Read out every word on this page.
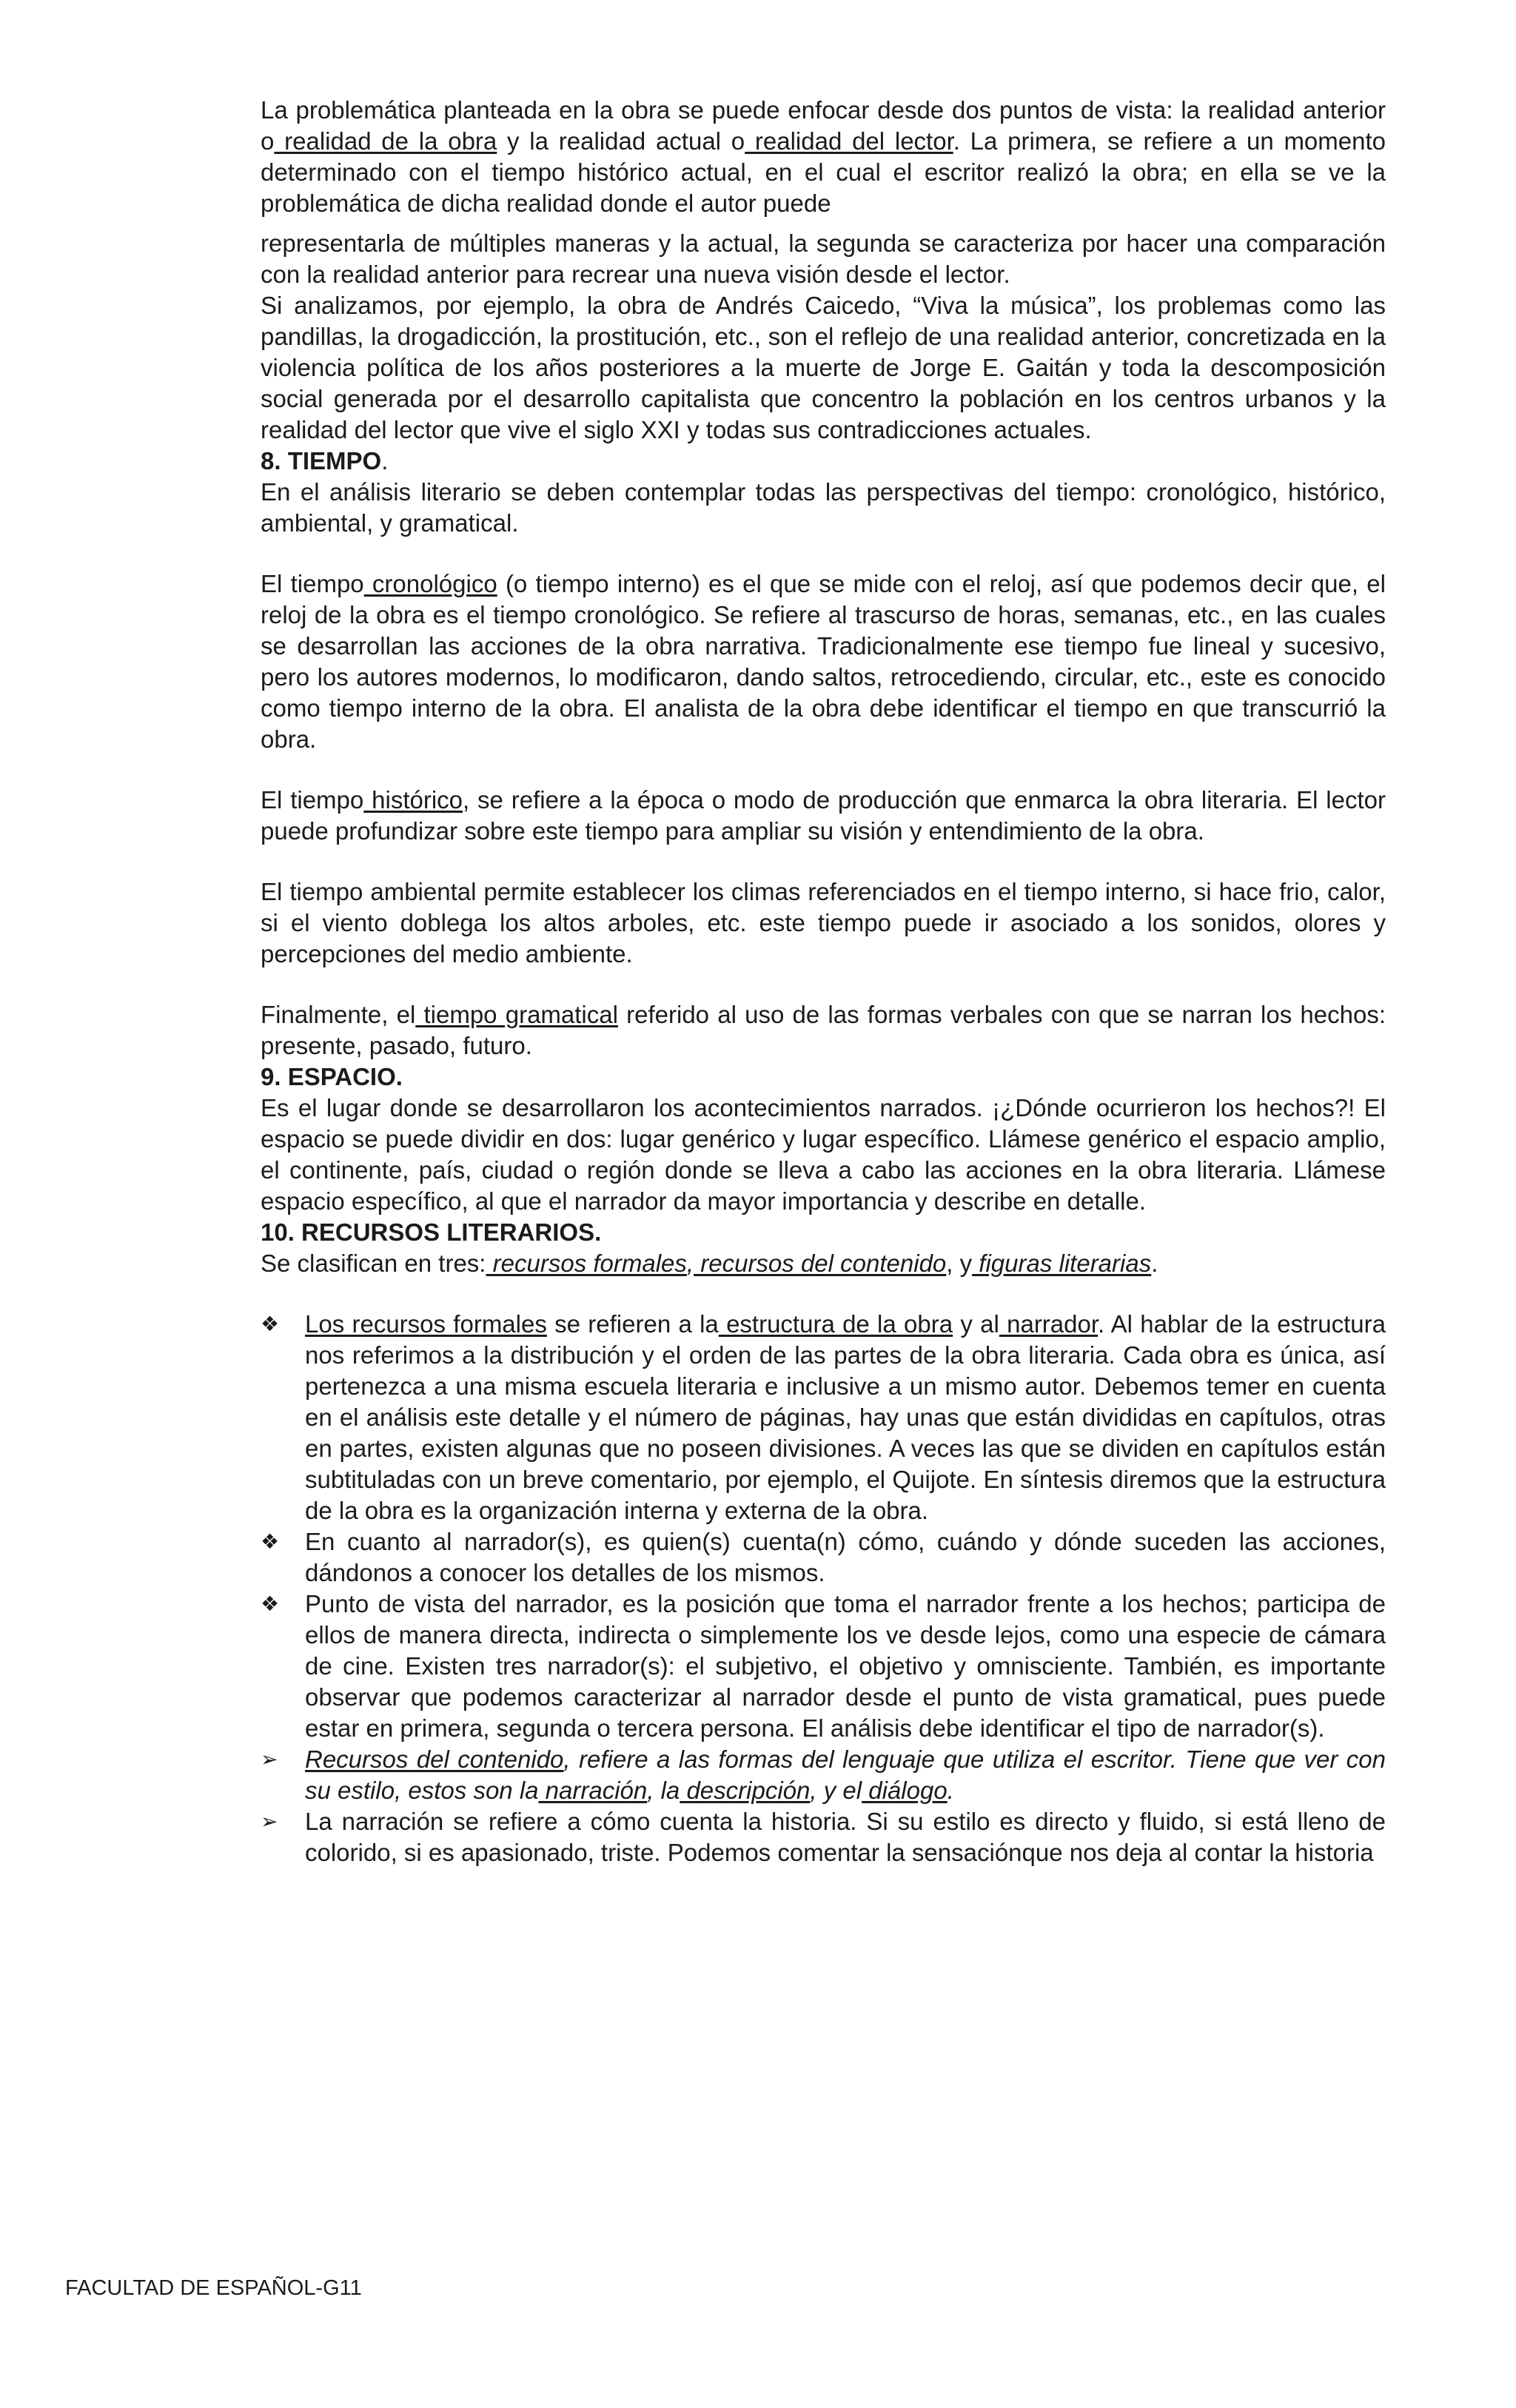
La problemática planteada en la obra se puede enfocar desde dos puntos de vista: la realidad anterior o realidad de la obra y la realidad actual o realidad del lector. La primera, se refiere a un momento determinado con el tiempo histórico actual, en el cual el escritor realizó la obra; en ella se ve la problemática de dicha realidad donde el autor puede

representarla de múltiples maneras y la actual, la segunda se caracteriza por hacer una comparación con la realidad anterior para recrear una nueva visión desde el lector.

Si analizamos, por ejemplo, la obra de Andrés Caicedo, “Viva la música”, los problemas como las pandillas, la drogadicción, la prostitución, etc., son el reflejo de una realidad anterior, concretizada en la violencia política de los años posteriores a la muerte de Jorge E. Gaitán y toda la descomposición social generada por el desarrollo capitalista que concentro la población en los centros urbanos y la realidad del lector que vive el siglo XXI y todas sus contradicciones actuales.

8. TIEMPO.

En el análisis literario se deben contemplar todas las perspectivas del tiempo: cronológico, histórico, ambiental, y gramatical.

El tiempo cronológico (o tiempo interno) es el que se mide con el reloj, así que podemos decir que, el reloj de la obra es el tiempo cronológico. Se refiere al trascurso de horas, semanas, etc., en las cuales se desarrollan las acciones de la obra narrativa. Tradicionalmente ese tiempo fue lineal y sucesivo, pero los autores modernos, lo modificaron, dando saltos, retrocediendo, circular, etc., este es conocido como tiempo interno de la obra. El analista de la obra debe identificar el tiempo en que transcurrió la obra.

El tiempo histórico, se refiere a la época o modo de producción que enmarca la obra literaria. El lector puede profundizar sobre este tiempo para ampliar su visión y entendimiento de la obra.

El tiempo ambiental permite establecer los climas referenciados en el tiempo interno, si hace frio, calor, si el viento doblega los altos arboles, etc. este tiempo puede ir asociado a los sonidos, olores y percepciones del medio ambiente.

Finalmente, el tiempo gramatical referido al uso de las formas verbales con que se narran los hechos: presente, pasado, futuro.

9. ESPACIO.

Es el lugar donde se desarrollaron los acontecimientos narrados. ¡¿Dónde ocurrieron los hechos?! El espacio se puede dividir en dos: lugar genérico y lugar específico. Llámese genérico el espacio amplio, el continente, país, ciudad o región donde se lleva a cabo las acciones en la obra literaria. Llámese espacio específico, al que el narrador da mayor importancia y describe en detalle.

10. RECURSOS LITERARIOS.

Se clasifican en tres: recursos formales, recursos del contenido, y figuras literarias.

❖	Los recursos formales se refieren a la estructura de la obra y al narrador. Al hablar de la estructura nos referimos a la distribución y el orden de las partes de la obra literaria. Cada obra es única, así pertenezca a una misma escuela literaria e inclusive a un mismo autor. Debemos temer en cuenta en el análisis este detalle y el número de páginas, hay unas que están divididas en capítulos, otras en partes, existen algunas que no poseen divisiones. A veces las que se dividen en capítulos están subtituladas con un breve comentario, por ejemplo, el Quijote. En síntesis diremos que la estructura de la obra es la organización interna y externa de la obra.
❖	En cuanto al narrador(s), es quien(s) cuenta(n) cómo, cuándo y dónde suceden las acciones, dándonos a conocer los detalles de los mismos.
❖	Punto de vista del narrador, es la posición que toma el narrador frente a los hechos; participa de ellos de manera directa, indirecta o simplemente los ve desde lejos, como una especie de cámara de cine. Existen tres narrador(s): el subjetivo, el objetivo y omnisciente. También, es importante observar que podemos caracterizar al narrador desde el punto de vista gramatical, pues puede estar en primera, segunda o tercera persona. El análisis debe identificar el tipo de narrador(s).
➢	Recursos del contenido, refiere a las formas del lenguaje que utiliza el escritor. Tiene que ver con su estilo, estos son la narración, la descripción, y el diálogo.
➢	La narración se refiere a cómo cuenta la historia. Si su estilo es directo y fluido, si está lleno de colorido, si es apasionado, triste. Podemos comentar la sensaciónque nos deja al contar la historia
FACULTAD DE ESPAÑOL-G11
